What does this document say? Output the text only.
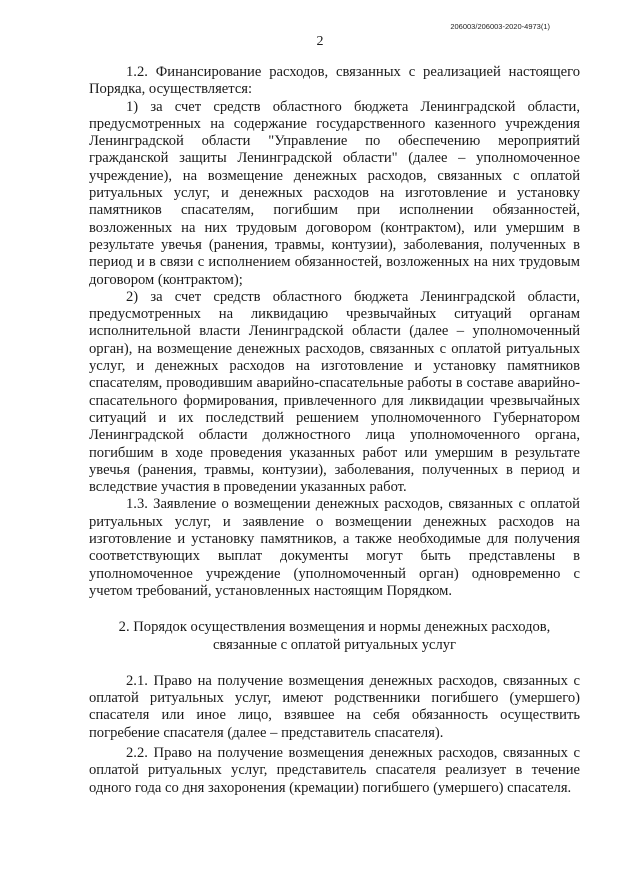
206003/206003-2020-4973(1)
2

1.2. Финансирование расходов, связанных с реализацией настоящего Порядка, осуществляется:

1) за счет средств областного бюджета Ленинградской области, предусмотренных на содержание государственного казенного учреждения Ленинградской области "Управление по обеспечению мероприятий гражданской защиты Ленинградской области" (далее – уполномоченное учреждение), на возмещение денежных расходов, связанных с оплатой ритуальных услуг, и денежных расходов на изготовление и установку памятников спасателям, погибшим при исполнении обязанностей, возложенных на них трудовым договором (контрактом), или умершим в результате увечья (ранения, травмы, контузии), заболевания, полученных в период и в связи с исполнением обязанностей, возложенных на них трудовым договором (контрактом);

2) за счет средств областного бюджета Ленинградской области, предусмотренных на ликвидацию чрезвычайных ситуаций органам исполнительной власти Ленинградской области (далее – уполномоченный орган), на возмещение денежных расходов, связанных с оплатой ритуальных услуг, и денежных расходов на изготовление и установку памятников спасателям, проводившим аварийно-спасательные работы в составе аварийно-спасательного формирования, привлеченного для ликвидации чрезвычайных ситуаций и их последствий решением уполномоченного Губернатором Ленинградской области должностного лица уполномоченного органа, погибшим в ходе проведения указанных работ или умершим в результате увечья (ранения, травмы, контузии), заболевания, полученных в период и вследствие участия в проведении указанных работ.

1.3. Заявление о возмещении денежных расходов, связанных с оплатой ритуальных услуг, и заявление о возмещении денежных расходов на изготовление и установку памятников, а также необходимые для получения соответствующих выплат документы могут быть представлены в уполномоченное учреждение (уполномоченный орган) одновременно с учетом требований, установленных настоящим Порядком.

2. Порядок осуществления возмещения и нормы денежных расходов,

связанные с оплатой ритуальных услуг

2.1. Право на получение возмещения денежных расходов, связанных с оплатой ритуальных услуг, имеют родственники погибшего (умершего) спасателя или иное лицо, взявшее на себя обязанность осуществить погребение спасателя (далее – представитель спасателя).

2.2. Право на получение возмещения денежных расходов, связанных с оплатой ритуальных услуг, представитель спасателя реализует в течение одного года со дня захоронения (кремации) погибшего (умершего) спасателя.
